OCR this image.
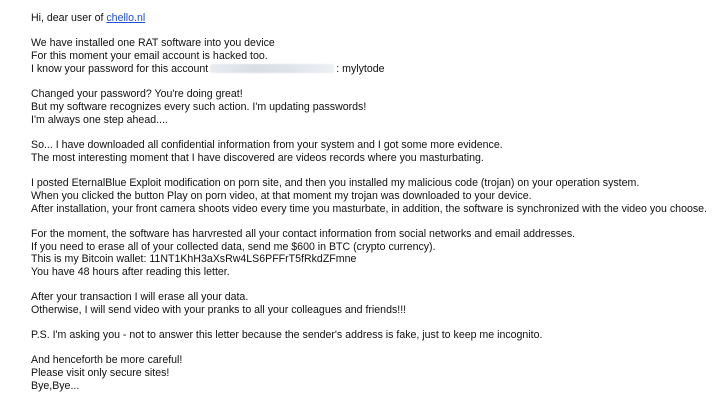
Hi, dear user of chello.nl
We have installed one RAT software into you device
For this moment your email account is hacked too.
I know your password for this account	: mylytode
Changed your password? You're doing great!
But my software recognizes every such action. I'm updating passwords!
I'm always one step ahead....
So... I have downloaded all confidential information from your system and I got some more evidence.
The most interesting moment that I have discovered are videos records where you masturbating.
I posted EternalBlue Exploit modification on porn site, and then you installed my malicious code (trojan) on your operation system.
When you clicked the button Play on porn video, at that moment my trojan was downloaded to your device.
After installation, your front camera shoots video every time you masturbate, in addition, the software is synchronized with the video you choose.
For the moment, the software has harvrested all your contact information from social networks and email addresses.
If you need to erase all of your collected data, send me $600 in BTC (crypto currency).
This is my Bitcoin wallet: 11NT1KhH3aXsRw4LS6PFFrT5fRkdZFmne
You have 48 hours after reading this letter.
After your transaction I will erase all your data.
Otherwise, I will send video with your pranks to all your colleagues and friends!!!
P.S. I'm asking you - not to answer this letter because the sender's address is fake, just to keep me incognito.
And henceforth be more careful!
Please visit only secure sites!
Bye,Bye...
